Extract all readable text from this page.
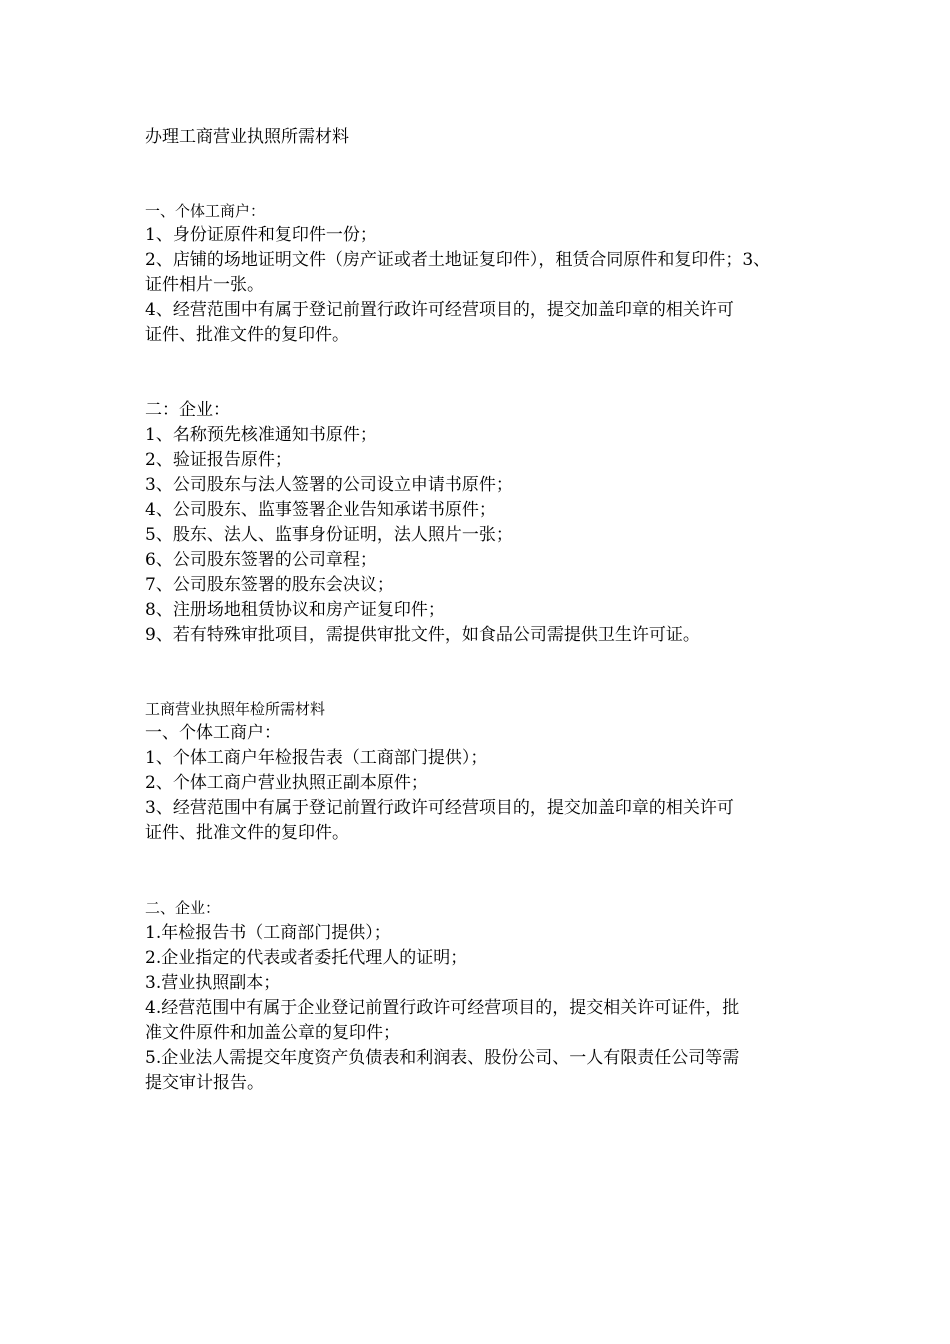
办理工商营业执照所需材料
一、个体工商户：
1、身份证原件和复印件一份；
2、店铺的场地证明文件（房产证或者土地证复印件），租赁合同原件和复印件；3、
证件相片一张。
4、经营范围中有属于登记前置行政许可经营项目的，提交加盖印章的相关许可
证件、批准文件的复印件。
二：企业：
1、名称预先核准通知书原件；
2、验证报告原件；
3、公司股东与法人签署的公司设立申请书原件；
4、公司股东、监事签署企业告知承诺书原件；
5、股东、法人、监事身份证明，法人照片一张；
6、公司股东签署的公司章程；
7、公司股东签署的股东会决议；
8、注册场地租赁协议和房产证复印件；
9、若有特殊审批项目，需提供审批文件，如食品公司需提供卫生许可证。
工商营业执照年检所需材料
一、个体工商户：
1、个体工商户年检报告表（工商部门提供）；
2、个体工商户营业执照正副本原件；
3、经营范围中有属于登记前置行政许可经营项目的，提交加盖印章的相关许可
证件、批准文件的复印件。
二、企业：
1.年检报告书（工商部门提供）；
2.企业指定的代表或者委托代理人的证明；
3.营业执照副本；
4.经营范围中有属于企业登记前置行政许可经营项目的，提交相关许可证件，批
准文件原件和加盖公章的复印件；
5.企业法人需提交年度资产负债表和利润表、股份公司、一人有限责任公司等需
提交审计报告。
